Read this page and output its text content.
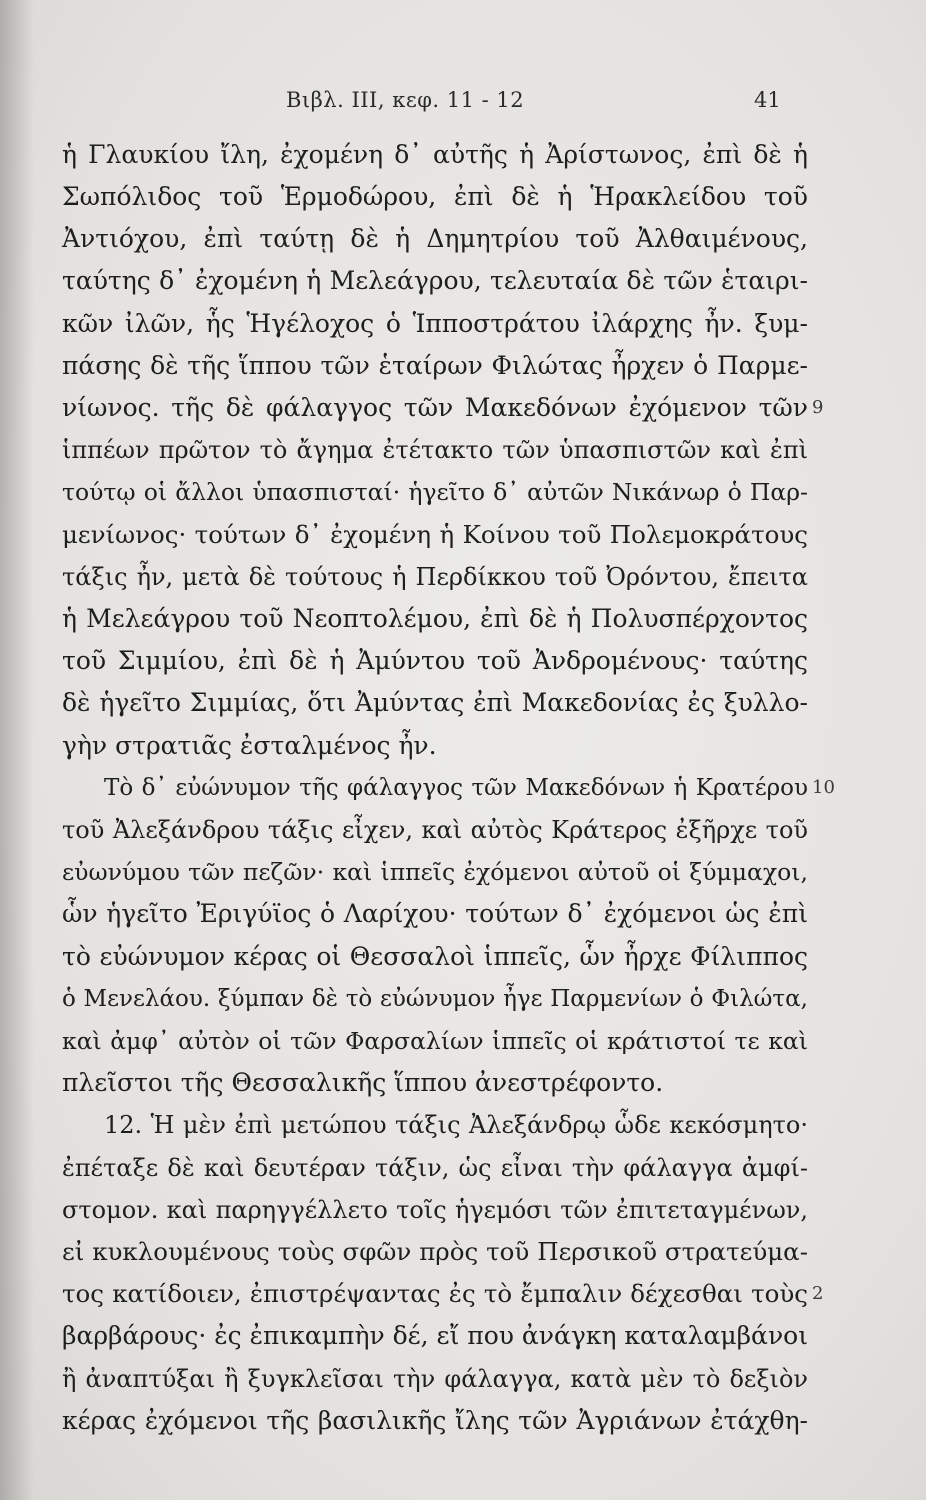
Βιβλ. ΙΙΙ, κεφ. 11 - 12	41
ἡ Γλαυκίου ἴλη, ἐχομένη δ᾽ αὐτῆς ἡ Ἀρίστωνος, ἐπὶ δὲ ἡ
Σωπόλιδος τοῦ Ἑρμοδώρου, ἐπὶ δὲ ἡ Ἡρακλείδου τοῦ
Ἀντιόχου, ἐπὶ ταύτῃ δὲ ἡ Δημητρίου τοῦ Ἀλθαιμένους,
ταύτης δ᾽ ἐχομένη ἡ Μελεάγρου, τελευταία δὲ τῶν ἑταιρι-
κῶν ἰλῶν, ἧς Ἡγέλοχος ὁ Ἱπποστράτου ἰλάρχης ἦν. ξυμ-
πάσης δὲ τῆς ἵππου τῶν ἑταίρων Φιλώτας ἦρχεν ὁ Παρμε-
νίωνος. τῆς δὲ φάλαγγος τῶν Μακεδόνων ἐχόμενον τῶν
ἱππέων πρῶτον τὸ ἄγημα ἐτέτακτο τῶν ὑπασπιστῶν καὶ ἐπὶ
τούτῳ οἱ ἄλλοι ὑπασπισταί· ἡγεῖτο δ᾽ αὐτῶν Νικάνωρ ὁ Παρ-
μενίωνος· τούτων δ᾽ ἐχομένη ἡ Κοίνου τοῦ Πολεμοκράτους
τάξις ἦν, μετὰ δὲ τούτους ἡ Περδίκκου τοῦ Ὀρόντου, ἔπειτα
ἡ Μελεάγρου τοῦ Νεοπτολέμου, ἐπὶ δὲ ἡ Πολυσπέρχοντος
τοῦ Σιμμίου, ἐπὶ δὲ ἡ Ἀμύντου τοῦ Ἀνδρομένους· ταύτης
δὲ ἡγεῖτο Σιμμίας, ὅτι Ἀμύντας ἐπὶ Μακεδονίας ἐς ξυλλο-
γὴν στρατιᾶς ἐσταλμένος ἦν.
Τὸ δ᾽ εὐώνυμον τῆς φάλαγγος τῶν Μακεδόνων ἡ Κρατέρου
τοῦ Ἀλεξάνδρου τάξις εἶχεν, καὶ αὐτὸς Κράτερος ἐξῆρχε τοῦ
εὐωνύμου τῶν πεζῶν· καὶ ἱππεῖς ἐχόμενοι αὐτοῦ οἱ ξύμμαχοι,
ὧν ἡγεῖτο Ἐριγύϊος ὁ Λαρίχου· τούτων δ᾽ ἐχόμενοι ὡς ἐπὶ
τὸ εὐώνυμον κέρας οἱ Θεσσαλοὶ ἱππεῖς, ὧν ἦρχε Φίλιππος
ὁ Μενελάου. ξύμπαν δὲ τὸ εὐώνυμον ἦγε Παρμενίων ὁ Φιλώτα,
καὶ ἀμφ᾽ αὐτὸν οἱ τῶν Φαρσαλίων ἱππεῖς οἱ κράτιστοί τε καὶ
πλεῖστοι τῆς Θεσσαλικῆς ἵππου ἀνεστρέφοντο.
12. Ἡ μὲν ἐπὶ μετώπου τάξις Ἀλεξάνδρῳ ὧδε κεκόσμητο·
ἐπέταξε δὲ καὶ δευτέραν τάξιν, ὡς εἶναι τὴν φάλαγγα ἀμφί-
στομον. καὶ παρηγγέλλετο τοῖς ἡγεμόσι τῶν ἐπιτεταγμένων,
εἰ κυκλουμένους τοὺς σφῶν πρὸς τοῦ Περσικοῦ στρατεύμα-
τος κατίδοιεν, ἐπιστρέψαντας ἐς τὸ ἔμπαλιν δέχεσθαι τοὺς
βαρβάρους· ἐς ἐπικαμπὴν δέ, εἴ που ἀνάγκη καταλαμβάνοι
ἢ ἀναπτύξαι ἢ ξυγκλεῖσαι τὴν φάλαγγα, κατὰ μὲν τὸ δεξιὸν
κέρας ἐχόμενοι τῆς βασιλικῆς ἴλης τῶν Ἀγριάνων ἐτάχθη-
9
10
2
